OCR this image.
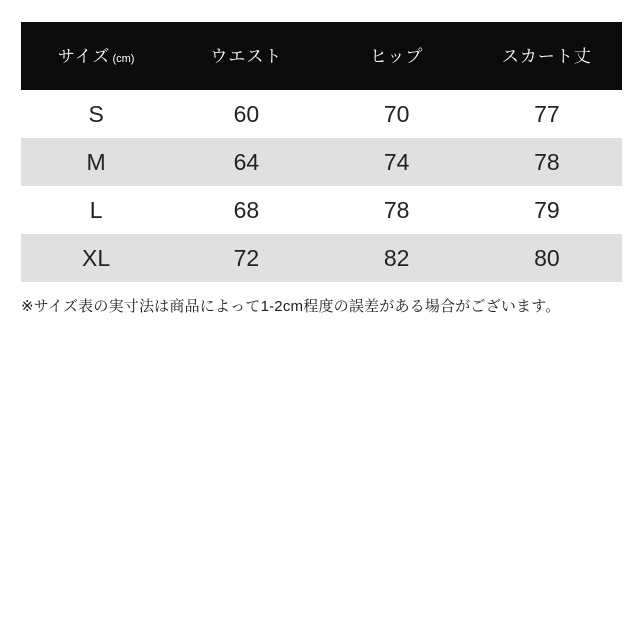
サイズ (cm)	ウエスト	ヒップ	スカート丈
S	60	70	77
M	64	74	78
L	68	78	79
XL	72	82	80
※サイズ表の実寸法は商品によって1-2cm程度の誤差がある場合がございます。
